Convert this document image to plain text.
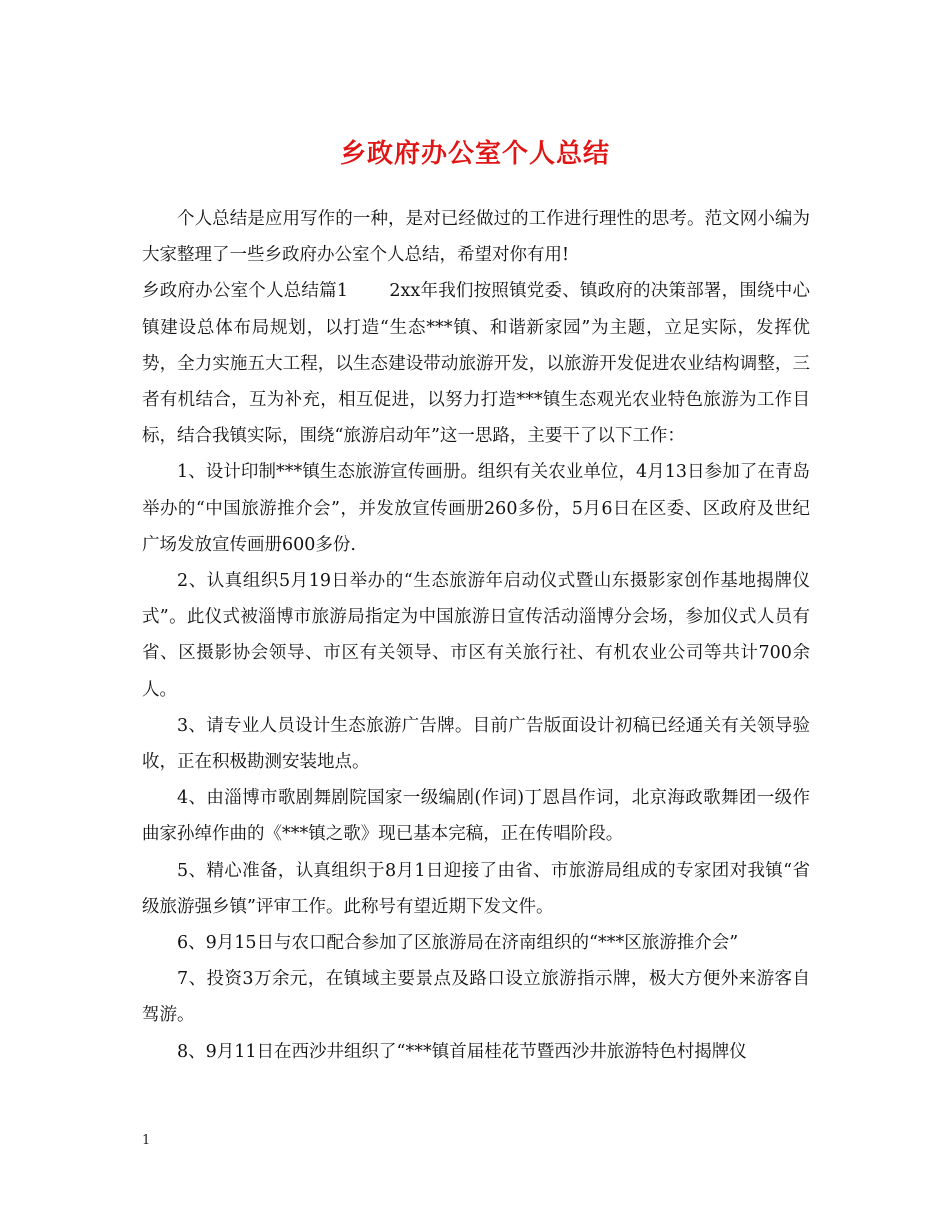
乡政府办公室个人总结

个人总结是应用写作的一种，是对已经做过的工作进行理性的思考。范文网小编为大家整理了一些乡政府办公室个人总结，希望对你有用!

乡政府办公室个人总结篇1　　 2xx年我们按照镇党委、镇政府的决策部署，围绕中心镇建设总体布局规划，以打造“生态***镇、和谐新家园”为主题，立足实际，发挥优势，全力实施五大工程，以生态建设带动旅游开发，以旅游开发促进农业结构调整，三者有机结合，互为补充，相互促进，以努力打造***镇生态观光农业特色旅游为工作目标，结合我镇实际，围绕“旅游启动年”这一思路，主要干了以下工作：

1、设计印制***镇生态旅游宣传画册。组织有关农业单位，4月13日参加了在青岛举办的“中国旅游推介会”，并发放宣传画册260多份，5月6日在区委、区政府及世纪广场发放宣传画册600多份.

2、认真组织5月19日举办的“生态旅游年启动仪式暨山东摄影家创作基地揭牌仪式”。此仪式被淄博市旅游局指定为中国旅游日宣传活动淄博分会场，参加仪式人员有省、区摄影协会领导、市区有关领导、市区有关旅行社、有机农业公司等共计700余人。

3、请专业人员设计生态旅游广告牌。目前广告版面设计初稿已经通关有关领导验收，正在积极勘测安装地点。

4、由淄博市歌剧舞剧院国家一级编剧(作词)丁恩昌作词，北京海政歌舞团一级作曲家孙绰作曲的《***镇之歌》现已基本完稿，正在传唱阶段。

5、精心准备，认真组织于8月1日迎接了由省、市旅游局组成的专家团对我镇“省级旅游强乡镇”评审工作。此称号有望近期下发文件。

6、9月15日与农口配合参加了区旅游局在济南组织的“***区旅游推介会”

7、投资3万余元，在镇域主要景点及路口设立旅游指示牌，极大方便外来游客自驾游。

8、9月11日在西沙井组织了“***镇首届桂花节暨西沙井旅游特色村揭牌仪

1
